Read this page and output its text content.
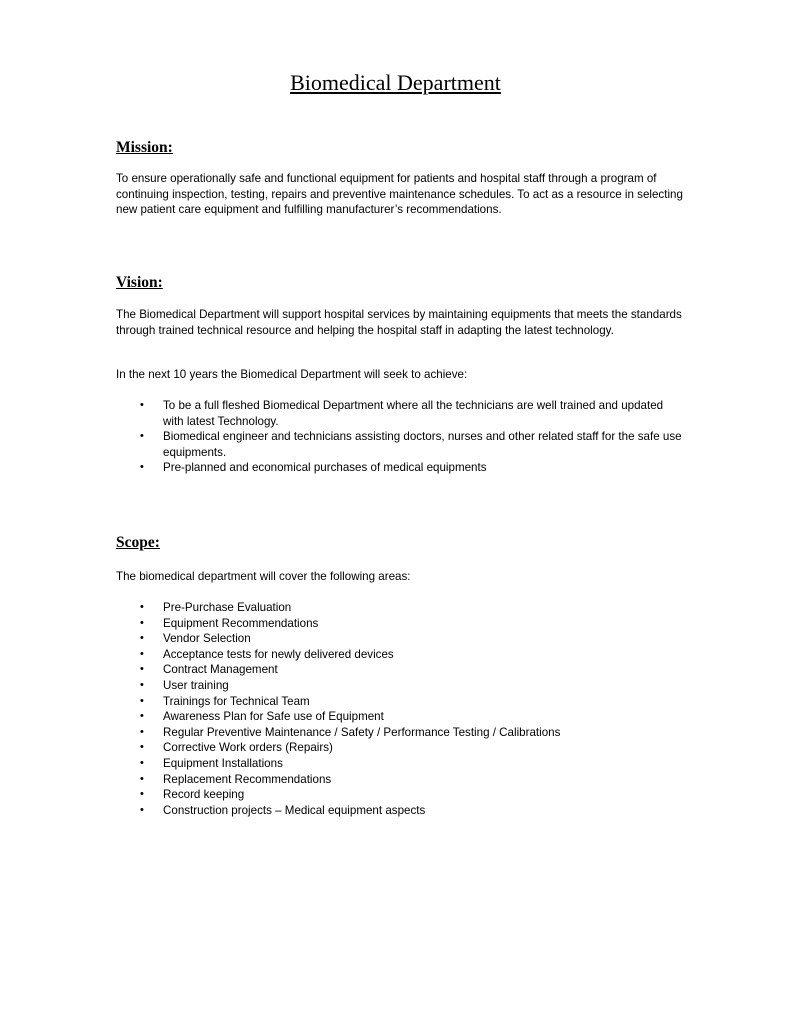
Biomedical Department
Mission:

To ensure operationally safe and functional equipment for patients and hospital staff through a program of continuing inspection, testing, repairs and preventive maintenance schedules. To act as a resource in selecting new patient care equipment and fulfilling manufacturer’s recommendations.

Vision:

The Biomedical Department will support hospital services by maintaining equipments that meets the standards through trained technical resource and helping the hospital staff in adapting the latest technology.

In the next 10 years the Biomedical Department will seek to achieve:

• To be a full fleshed Biomedical Department where all the technicians are well trained and updated with latest Technology.
• Biomedical engineer and technicians assisting doctors, nurses and other related staff for the safe use equipments.
• Pre-planned and economical purchases of medical equipments
Scope:

The biomedical department will cover the following areas:

• Pre-Purchase Evaluation
• Equipment Recommendations
• Vendor Selection
• Acceptance tests for newly delivered devices
• Contract Management
• User training
• Trainings for Technical Team
• Awareness Plan for Safe use of Equipment
• Regular Preventive Maintenance / Safety / Performance Testing / Calibrations
• Corrective Work orders (Repairs)
• Equipment Installations
• Replacement Recommendations
• Record keeping
• Construction projects – Medical equipment aspects
